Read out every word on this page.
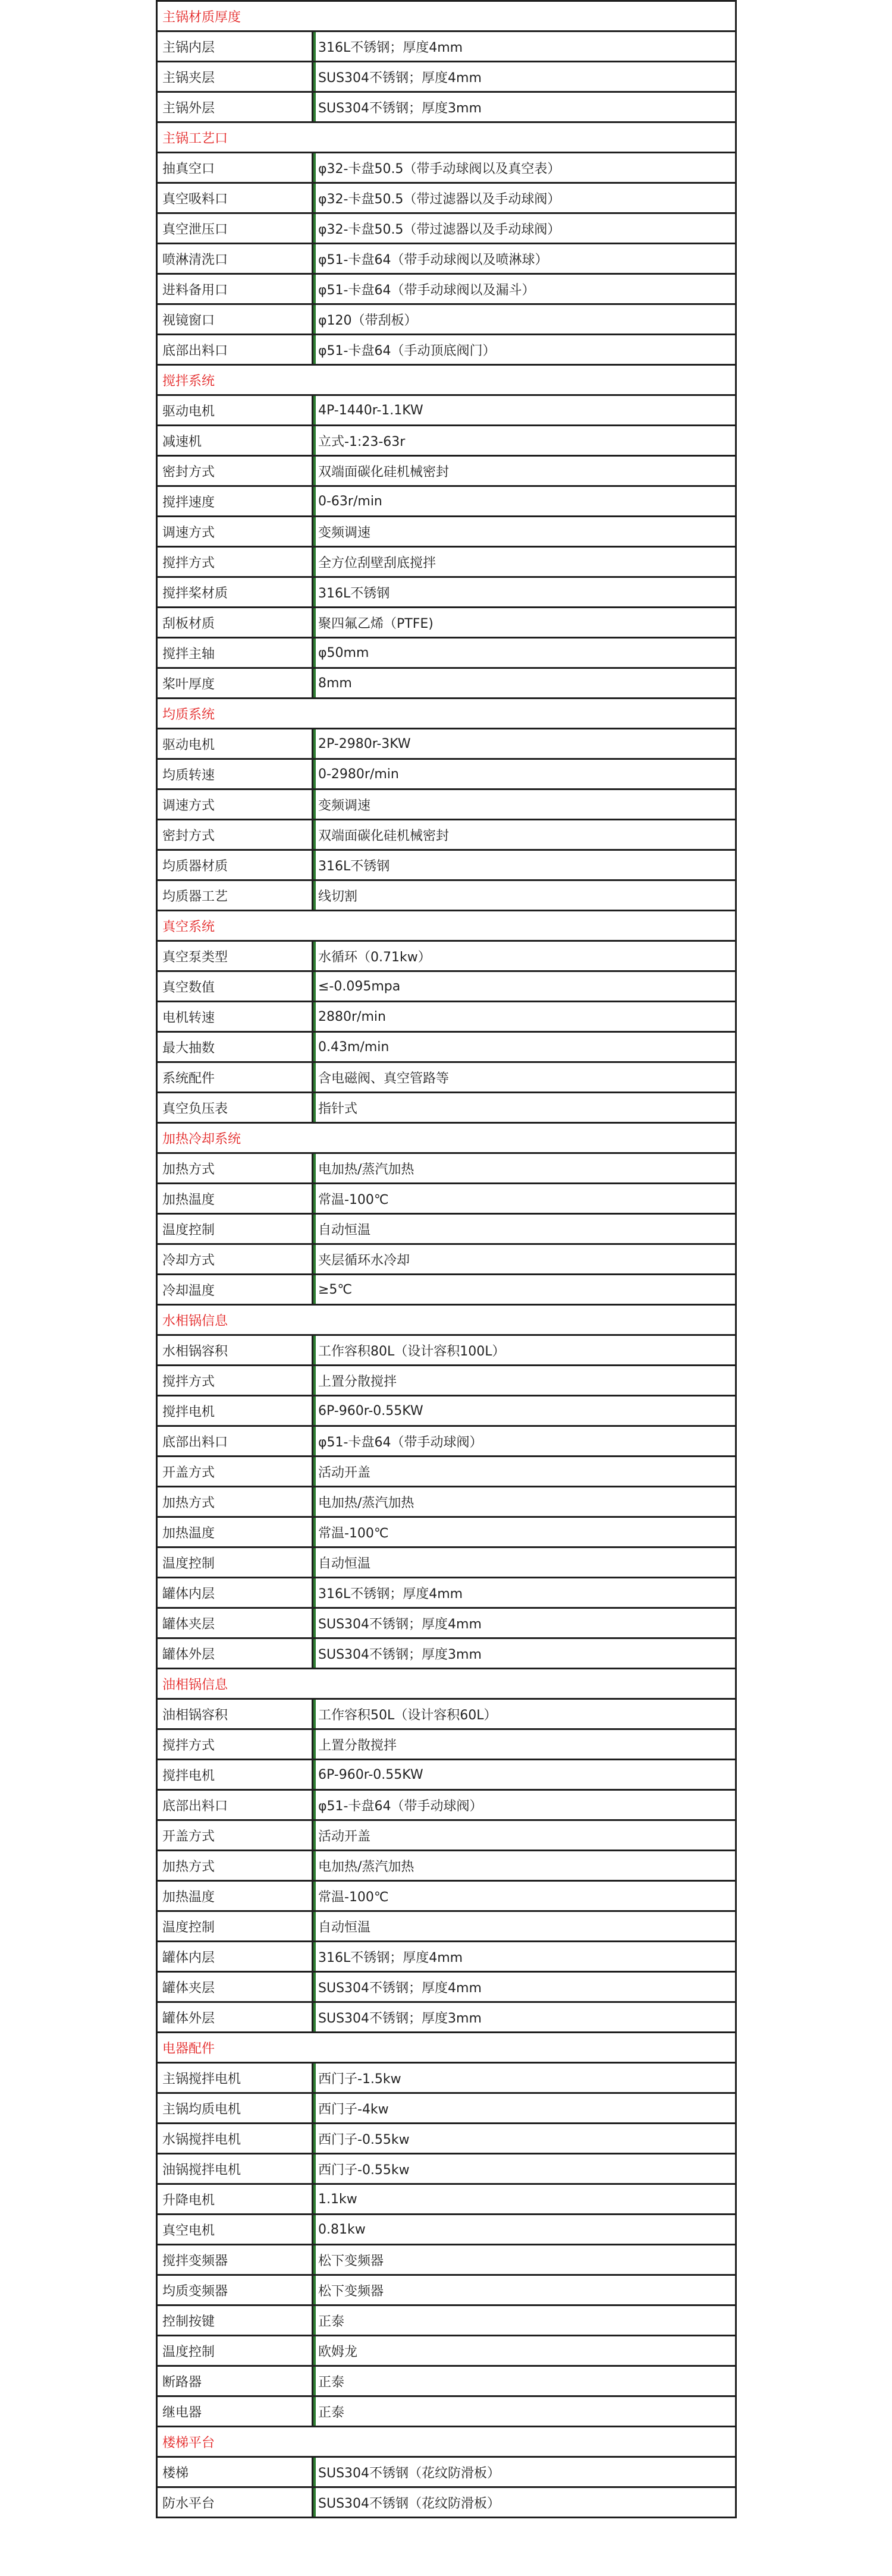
主锅材质厚度	
主锅内层	316L不锈钢；厚度4mm
主锅夹层	SUS304不锈钢；厚度4mm
主锅外层	SUS304不锈钢；厚度3mm
主锅工艺口	
抽真空口	φ32-卡盘50.5（带手动球阀以及真空表）
真空吸料口	φ32-卡盘50.5（带过滤器以及手动球阀）
真空泄压口	φ32-卡盘50.5（带过滤器以及手动球阀）
喷淋清洗口	φ51-卡盘64（带手动球阀以及喷淋球）
进料备用口	φ51-卡盘64（带手动球阀以及漏斗）
视镜窗口	φ120（带刮板）
底部出料口	φ51-卡盘64（手动顶底阀门）
搅拌系统	
驱动电机	4P-1440r-1.1KW
减速机	立式-1:23-63r
密封方式	双端面碳化硅机械密封
搅拌速度	0-63r/min
调速方式	变频调速
搅拌方式	全方位刮壁刮底搅拌
搅拌桨材质	316L不锈钢
刮板材质	聚四氟乙烯（PTFE)
搅拌主轴	φ50mm
桨叶厚度	8mm
均质系统	
驱动电机	2P-2980r-3KW
均质转速	0-2980r/min
调速方式	变频调速
密封方式	双端面碳化硅机械密封
均质器材质	316L不锈钢
均质器工艺	线切割
真空系统	
真空泵类型	水循环（0.71kw）
真空数值	≤-0.095mpa
电机转速	2880r/min
最大抽数	0.43m/min
系统配件	含电磁阀、真空管路等
真空负压表	指针式
加热冷却系统	
加热方式	电加热/蒸汽加热
加热温度	常温-100℃
温度控制	自动恒温
冷却方式	夹层循环水冷却
冷却温度	≥5℃
水相锅信息	
水相锅容积	工作容积80L（设计容积100L）
搅拌方式	上置分散搅拌
搅拌电机	6P-960r-0.55KW
底部出料口	φ51-卡盘64（带手动球阀）
开盖方式	活动开盖
加热方式	电加热/蒸汽加热
加热温度	常温-100℃
温度控制	自动恒温
罐体内层	316L不锈钢；厚度4mm
罐体夹层	SUS304不锈钢；厚度4mm
罐体外层	SUS304不锈钢；厚度3mm
油相锅信息	
油相锅容积	工作容积50L（设计容积60L）
搅拌方式	上置分散搅拌
搅拌电机	6P-960r-0.55KW
底部出料口	φ51-卡盘64（带手动球阀）
开盖方式	活动开盖
加热方式	电加热/蒸汽加热
加热温度	常温-100℃
温度控制	自动恒温
罐体内层	316L不锈钢；厚度4mm
罐体夹层	SUS304不锈钢；厚度4mm
罐体外层	SUS304不锈钢；厚度3mm
电器配件	
主锅搅拌电机	西门子-1.5kw
主锅均质电机	西门子-4kw
水锅搅拌电机	西门子-0.55kw
油锅搅拌电机	西门子-0.55kw
升降电机	1.1kw
真空电机	0.81kw
搅拌变频器	松下变频器
均质变频器	松下变频器
控制按键	正泰
温度控制	欧姆龙
断路器	正泰
继电器	正泰
楼梯平台	
楼梯	SUS304不锈钢（花纹防滑板）
防水平台	SUS304不锈钢（花纹防滑板）
